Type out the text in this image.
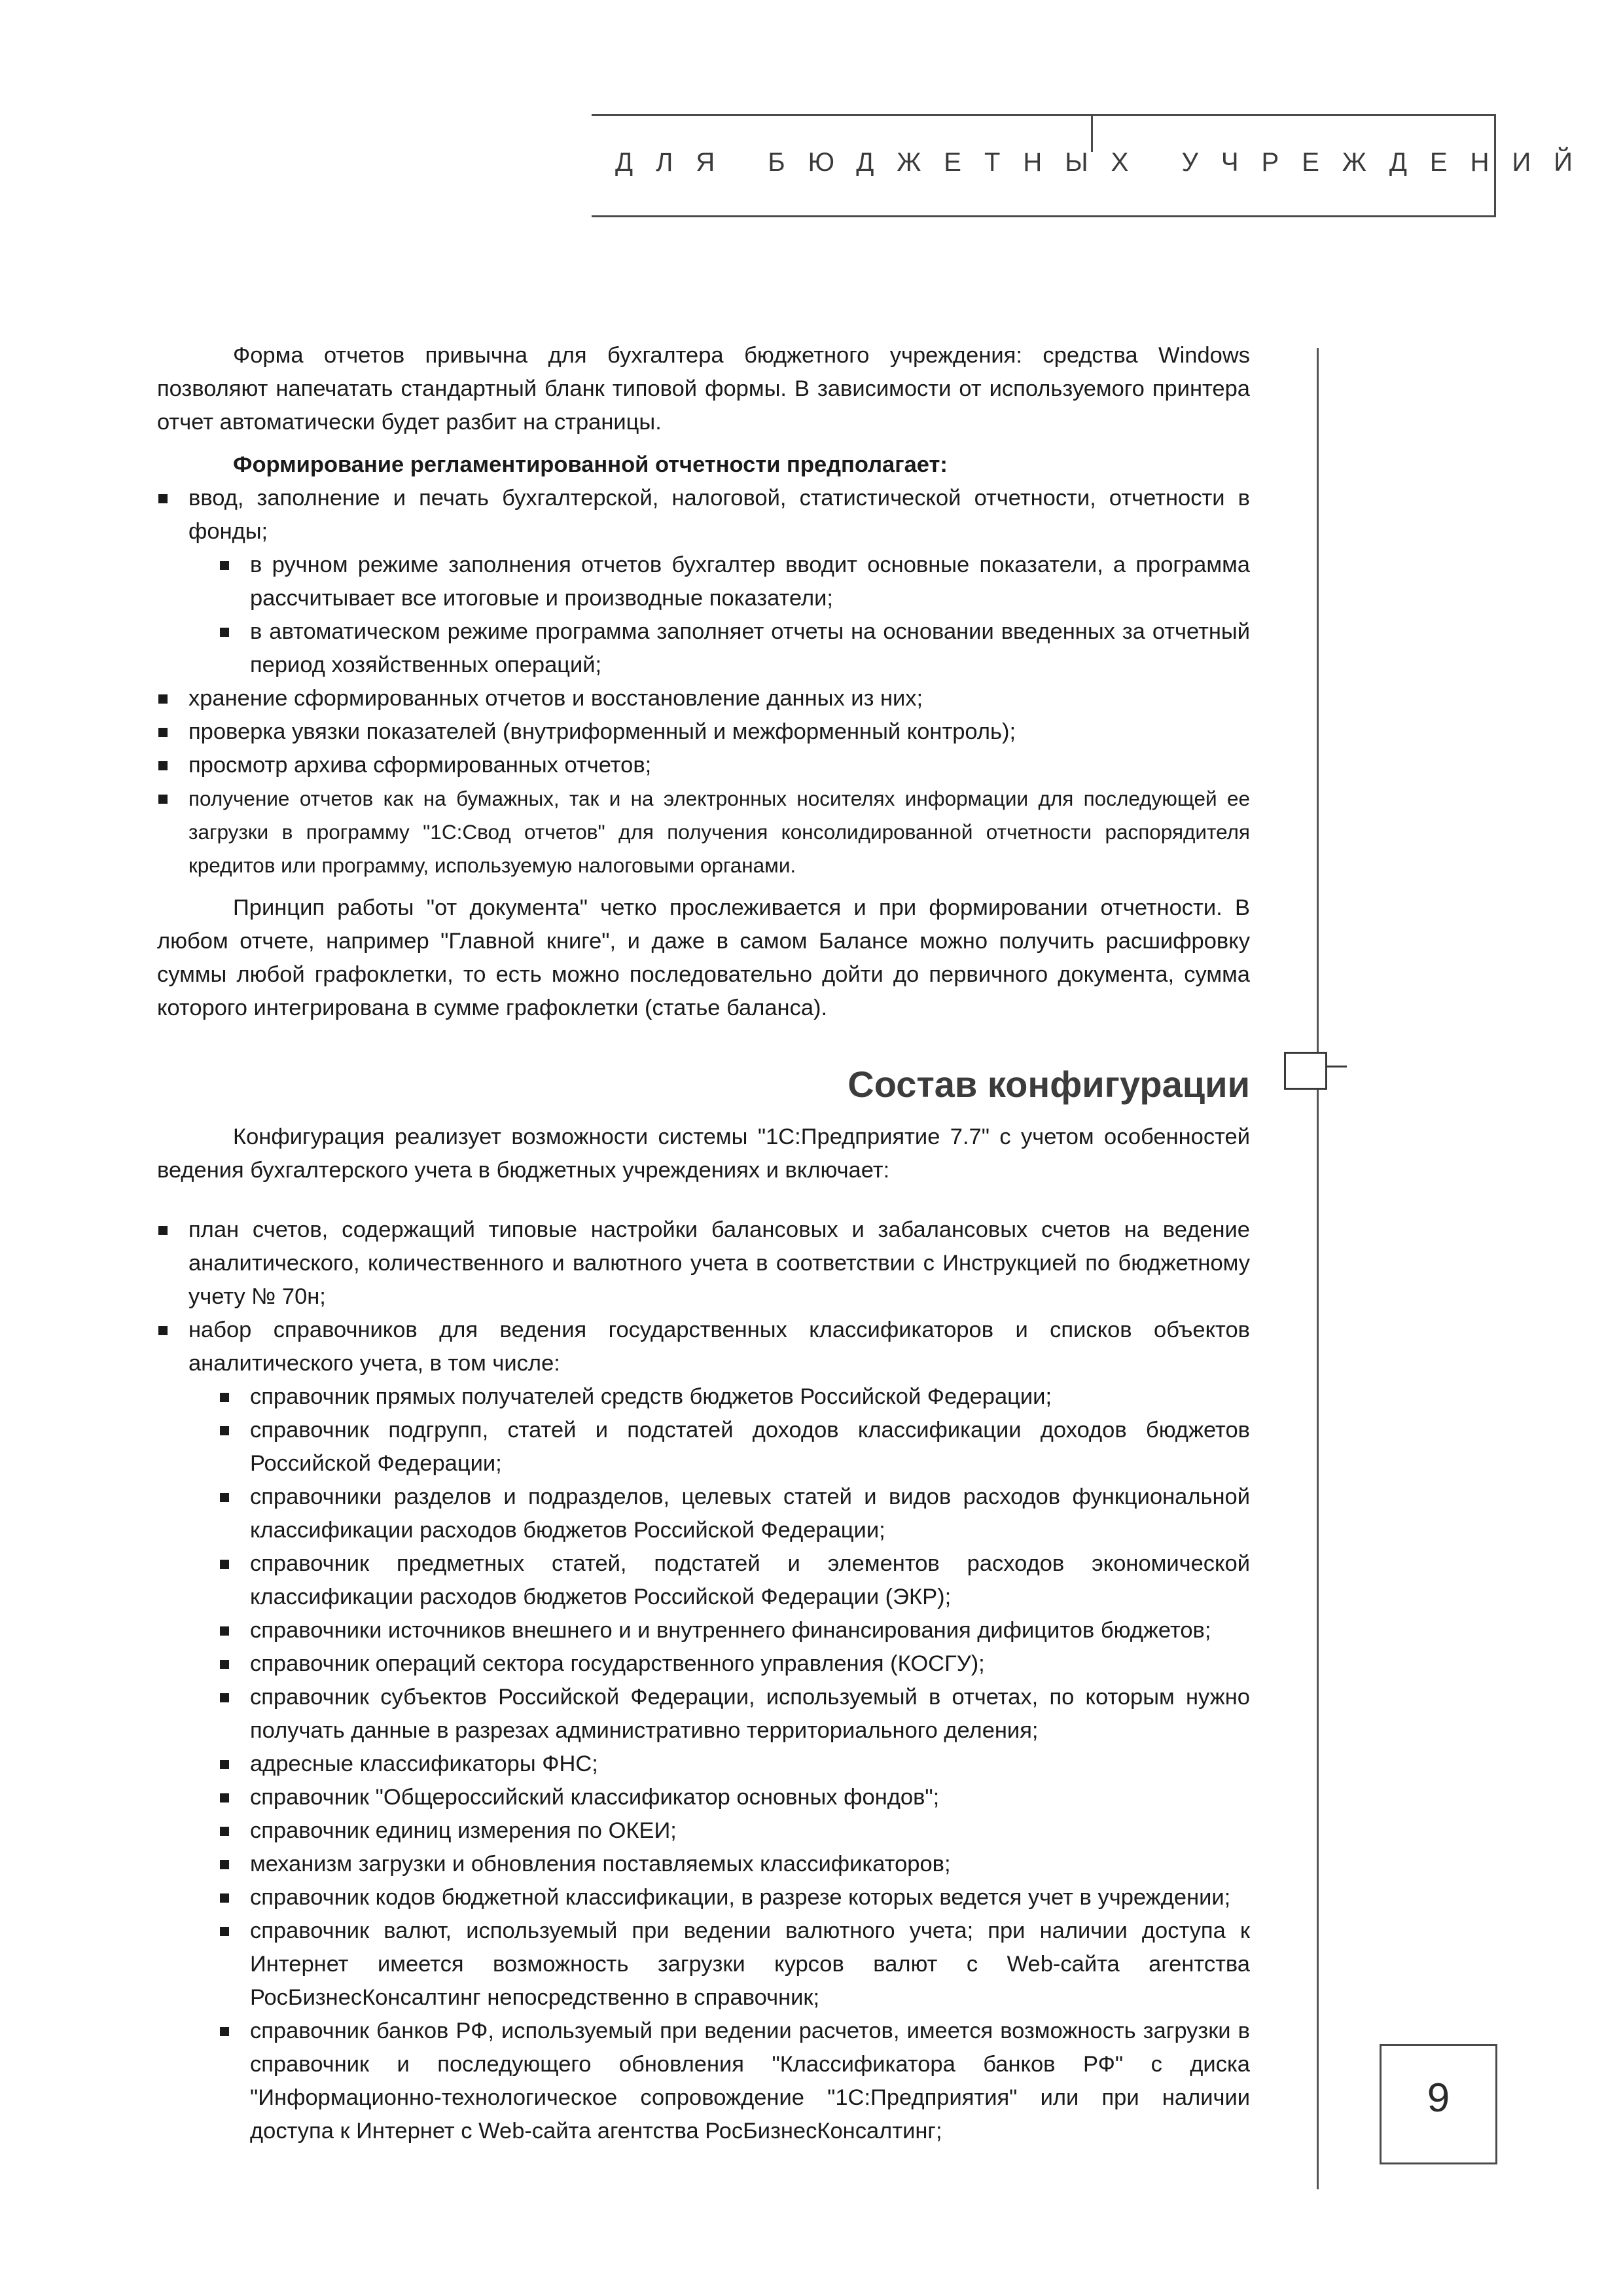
ДЛЯ БЮДЖЕТНЫХ УЧРЕЖДЕНИЙ
9

Форма отчетов привычна для бухгалтера бюджетного учреждения: средства Windows позволяют напечатать стандартный бланк типовой формы. В зависимости от используемого принтера отчет автоматически будет разбит на страницы.

Формирование регламентированной отчетности предполагает:
ввод, заполнение и печать бухгалтерской, налоговой, статистической отчетности, отчетности в фонды;
в ручном режиме заполнения отчетов бухгалтер вводит основные показатели, а программа рассчитывает все итоговые и производные показатели;
в автоматическом режиме программа заполняет отчеты на основании введенных за отчетный период хозяйственных операций;
хранение сформированных отчетов и восстановление данных из них;
проверка увязки показателей (внутриформенный и межформенный контроль);
просмотр архива сформированных отчетов;
получение отчетов как на бумажных, так и на электронных носителях информации для последующей ее загрузки в программу "1С:Свод отчетов" для получения консолидированной отчетности распорядителя кредитов или программу, используемую налоговыми органами.

Принцип работы "от документа" четко прослеживается и при формировании отчетности. В любом отчете, например "Главной книге", и даже в самом Балансе можно получить расшифровку суммы любой графоклетки, то есть можно последовательно дойти до первичного документа, сумма которого интегрирована в сумме графоклетки (статье баланса).

Состав конфигурации

Конфигурация реализует возможности системы "1С:Предприятие 7.7" с учетом особенностей ведения бухгалтерского учета в бюджетных учреждениях и включает:

план счетов, содержащий типовые настройки балансовых и забалансовых счетов на ведение аналитического, количественного и валютного учета в соответствии с Инструкцией по бюджетному учету № 70н;
набор справочников для ведения государственных классификаторов и списков объектов аналитического учета, в том числе:
справочник прямых получателей средств бюджетов Российской Федерации;
справочник подгрупп, статей и подстатей доходов классификации доходов бюджетов Российской Федерации;
справочники разделов и подразделов, целевых статей и видов расходов функциональной классификации расходов бюджетов Российской Федерации;
справочник предметных статей, подстатей и элементов расходов экономической классификации расходов бюджетов Российской Федерации (ЭКР);
справочники источников внешнего и и внутреннего финансирования дифицитов бюджетов;
справочник операций сектора государственного управления (КОСГУ);
справочник субъектов Российской Федерации, используемый в отчетах, по которым нужно получать данные в разрезах административно территориального деления;
адресные классификаторы ФНС;
справочник "Общероссийский классификатор основных фондов";
справочник единиц измерения по ОКЕИ;
механизм загрузки и обновления поставляемых классификаторов;
справочник кодов бюджетной классификации, в разрезе которых ведется учет в учреждении;
справочник валют, используемый при ведении валютного учета; при наличии доступа к Интернет имеется возможность загрузки курсов валют с Web-сайта агентства РосБизнесКонсалтинг непосредственно в справочник;
справочник банков РФ, используемый при ведении расчетов, имеется возможность загрузки в справочник и последующего обновления "Классификатора банков РФ" с диска "Информационно-технологическое сопровождение "1С:Предприятия" или при наличии доступа к Интернет с Web-сайта агентства РосБизнесКонсалтинг;
